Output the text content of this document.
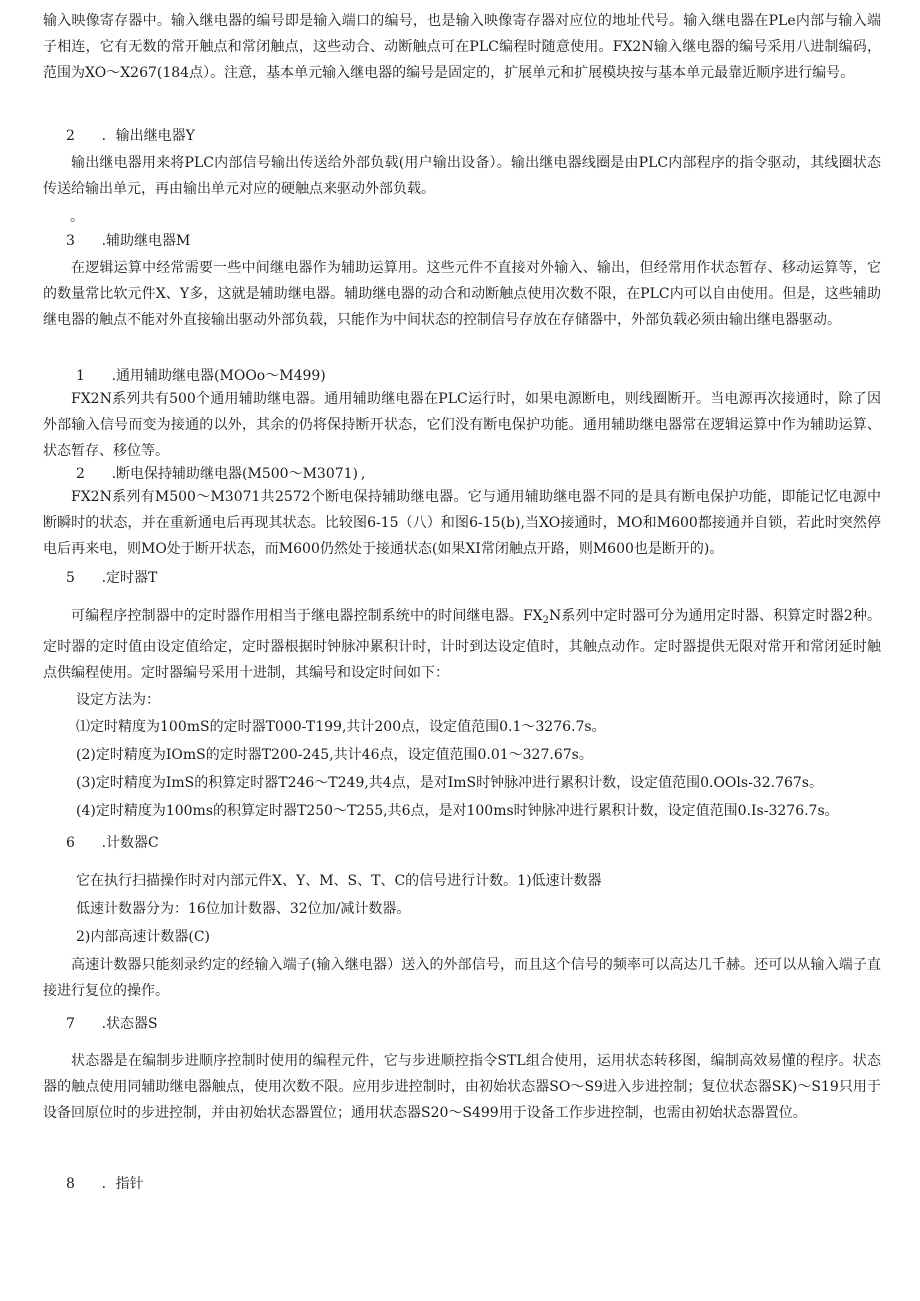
输入映像寄存器中。输入继电器的编号即是输入端口的编号，也是输入映像寄存器对应位的地址代号。输入继电器在PLe内部与输入端子相连，它有无数的常开触点和常闭触点，这些动合、动断触点可在PLC编程时随意使用。FX2N输入继电器的编号采用八进制编码，范围为XO～X267(184点）。注意，基本单元输入继电器的编号是固定的，扩展单元和扩展模块按与基本单元最靠近顺序进行编号。

2	．输出继电器Y

输出继电器用来将PLC内部信号输出传送给外部负载(用户输出设备）。输出继电器线圈是由PLC内部程序的指令驱动，其线圈状态传送给输出单元，再由输出单元对应的硬触点来驱动外部负载。

。

3	.辅助继电器M

在逻辑运算中经常需要一些中间继电器作为辅助运算用。这些元件不直接对外输入、输出，但经常用作状态暂存、移动运算等，它的数量常比软元件X、Y多，这就是辅助继电器。辅助继电器的动合和动断触点使用次数不限，在PLC内可以自由使用。但是，这些辅助继电器的触点不能对外直接输出驱动外部负载，只能作为中间状态的控制信号存放在存储器中，外部负载必须由输出继电器驱动。

1	.通用辅助继电器(MOOo～M499)

FX2N系列共有500个通用辅助继电器。通用辅助继电器在PLC运行时，如果电源断电，则线圈断开。当电源再次接通时，除了因外部输入信号而变为接通的以外，其余的仍将保持断开状态，它们没有断电保护功能。通用辅助继电器常在逻辑运算中作为辅助运算、状态暂存、移位等。

2	.断电保持辅助继电器(M500～M3071)	,

FX2N系列有M500～M3071共2572个断电保持辅助继电器。它与通用辅助继电器不同的是具有断电保护功能，即能记忆电源中断瞬时的状态，并在重新通电后再现其状态。比较图6-15（八）和图6-15(b),当XO接通时，MO和M600都接通并自锁，若此时突然停电后再来电，则MO处于断开状态，而M600仍然处于接通状态(如果XI常闭触点开路，则M600也是断开的)。

5	.定时器T

可编程序控制器中的定时器作用相当于继电器控制系统中的时间继电器。$FX_2N$系列中定时器可分为通用定时器、积算定时器2种。定时器的定时值由设定值给定，定时器根据时钟脉冲累积计时，计时到达设定值时，其触点动作。定时器提供无限对常开和常闭延时触点供编程使用。定时器编号采用十进制，其编号和设定时间如下：

设定方法为：

⑴定时精度为100mS的定时器T000-T199,共计200点，设定值范围0.1～3276.7s。

(2)定时精度为IOmS的定时器T200-245,共计46点，设定值范围0.01～327.67s。

(3)定时精度为ImS的积算定时器T246～T249,共4点，是对ImS时钟脉冲进行累积计数，设定值范围0.OOls-32.767s。

(4)定时精度为100ms的积算定时器T250～T255,共6点，是对100ms时钟脉冲进行累积计数，设定值范围0.Is-3276.7s。

6	.计数器C

它在执行扫描操作时对内部元件X、Y、M、S、T、C的信号进行计数。1)低速计数器

低速计数器分为：16位加计数器、32位加/减计数器。

2)内部高速计数器(C)

高速计数器只能刻录约定的经输入端子(输入继电器）送入的外部信号，而且这个信号的频率可以高达几千赫。还可以从输入端子直接进行复位的操作。

7	.状态器S

状态器是在编制步进顺序控制时使用的编程元件，它与步进顺控指令STL组合使用，运用状态转移图，编制高效易懂的程序。状态器的触点使用同辅助继电器触点，使用次数不限。应用步进控制时，由初始状态器SO～S9进入步进控制；复位状态器SK)～S19只用于设备回原位时的步进控制，并由初始状态器置位；通用状态器S20～S499用于设备工作步进控制，也需由初始状态器置位。

8	．指针
